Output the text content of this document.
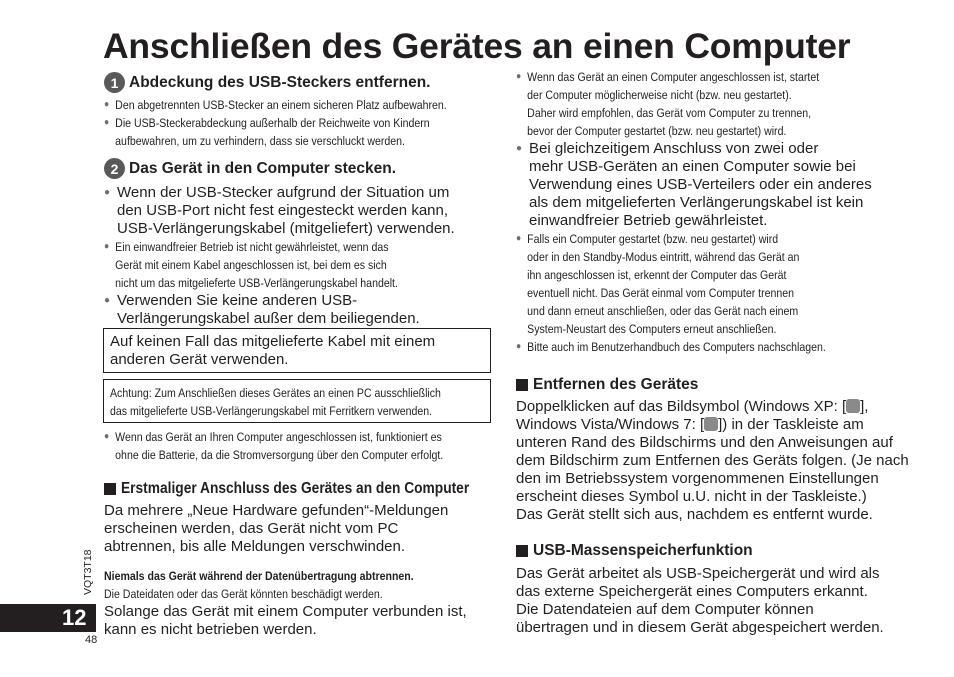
Anschließen des Gerätes an einen Computer
1 Abdeckung des USB-Steckers entfernen.
● Den abgetrennten USB-Stecker an einem sicheren Platz aufbewahren.
● Die USB-Steckerabdeckung außerhalb der Reichweite von Kindern
aufbewahren, um zu verhindern, dass sie verschluckt werden.
2 Das Gerät in den Computer stecken.
● Wenn der USB-Stecker aufgrund der Situation um
den USB-Port nicht fest eingesteckt werden kann,
USB-Verlängerungskabel (mitgeliefert) verwenden.
● Ein einwandfreier Betrieb ist nicht gewährleistet, wenn das
Gerät mit einem Kabel angeschlossen ist, bei dem es sich
nicht um das mitgelieferte USB-Verlängerungskabel handelt.
● Verwenden Sie keine anderen USB-
Verlängerungskabel außer dem beiliegenden.
Auf keinen Fall das mitgelieferte Kabel mit einem
anderen Gerät verwenden.
Achtung: Zum Anschließen dieses Gerätes an einen PC ausschließlich
das mitgelieferte USB-Verlängerungskabel mit Ferritkern verwenden.
● Wenn das Gerät an Ihren Computer angeschlossen ist, funktioniert es
ohne die Batterie, da die Stromversorgung über den Computer erfolgt.
Erstmaliger Anschluss des Gerätes an den Computer
Da mehrere „Neue Hardware gefunden“-Meldungen
erscheinen werden, das Gerät nicht vom PC
abtrennen, bis alle Meldungen verschwinden.
Niemals das Gerät während der Datenübertragung abtrennen.
Die Dateidaten oder das Gerät könnten beschädigt werden.
Solange das Gerät mit einem Computer verbunden ist,
kann es nicht betrieben werden.
● Wenn das Gerät an einen Computer angeschlossen ist, startet
der Computer möglicherweise nicht (bzw. neu gestartet).
Daher wird empfohlen, das Gerät vom Computer zu trennen,
bevor der Computer gestartet (bzw. neu gestartet) wird.
● Bei gleichzeitigem Anschluss von zwei oder
mehr USB-Geräten an einen Computer sowie bei
Verwendung eines USB-Verteilers oder ein anderes
als dem mitgelieferten Verlängerungskabel ist kein
einwandfreier Betrieb gewährleistet.
● Falls ein Computer gestartet (bzw. neu gestartet) wird
oder in den Standby-Modus eintritt, während das Gerät an
ihn angeschlossen ist, erkennt der Computer das Gerät
eventuell nicht. Das Gerät einmal vom Computer trennen
und dann erneut anschließen, oder das Gerät nach einem
System-Neustart des Computers erneut anschließen.
● Bitte auch im Benutzerhandbuch des Computers nachschlagen.
Entfernen des Gerätes
Doppelklicken auf das Bildsymbol (Windows XP: [ ],
Windows Vista/Windows 7: [ ]) in der Taskleiste am
unteren Rand des Bildschirms und den Anweisungen auf
dem Bildschirm zum Entfernen des Geräts folgen. (Je nach
den im Betriebssystem vorgenommenen Einstellungen
erscheint dieses Symbol u.U. nicht in der Taskleiste.)
Das Gerät stellt sich aus, nachdem es entfernt wurde.
USB-Massenspeicherfunktion
Das Gerät arbeitet als USB-Speichergerät und wird als
das externe Speichergerät eines Computers erkannt.
Die Datendateien auf dem Computer können
übertragen und in diesem Gerät abgespeichert werden.
VQT3T18
12
48
